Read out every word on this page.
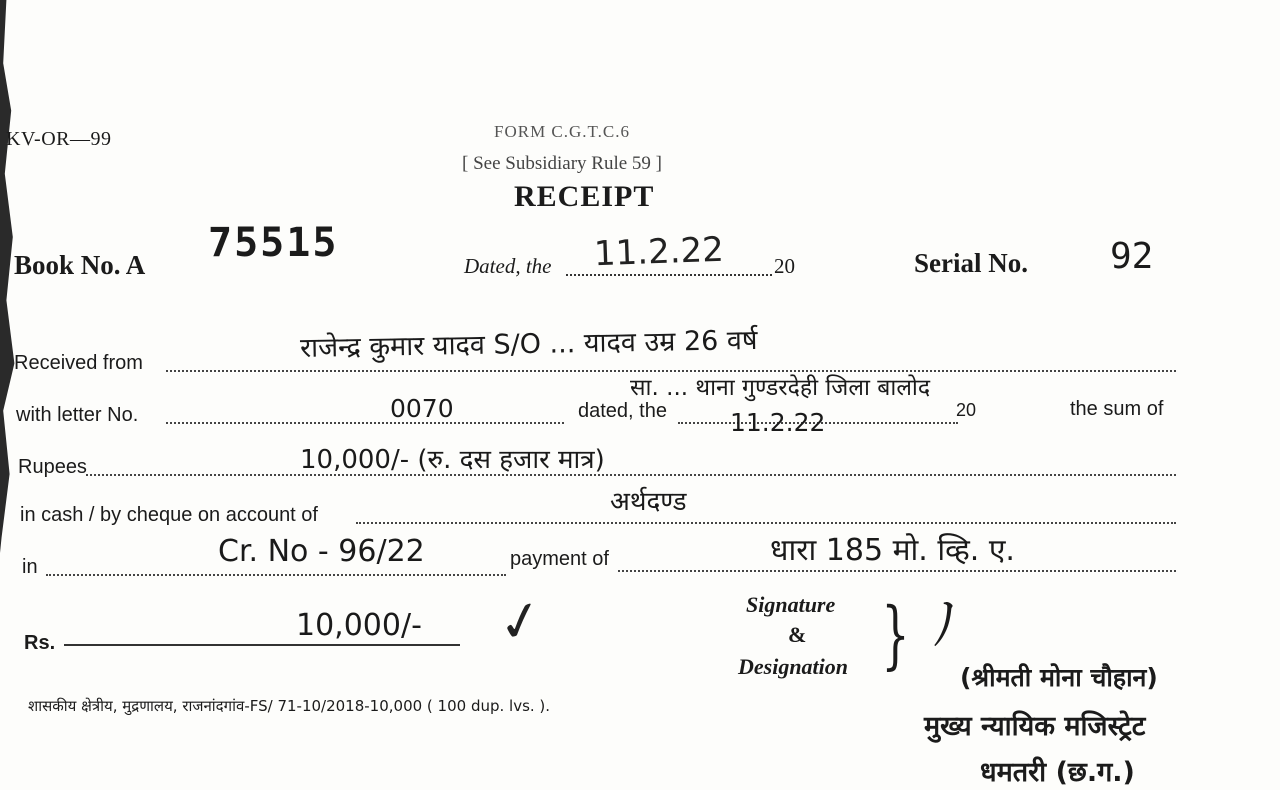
KV-OR—99	FORM C.G.T.C.6
[ See Subsidiary Rule 59 ]
RECEIPT
Book No. A 75515	Dated, the 11.2.22 20	Serial No. 92
Received from	राजेन्द्र कुमार यादव S/O ... यादव उम्र 26 वर्ष
सा. ... थाना गुण्डरदेही जिला बालोद
with letter No.	0070	dated, the	11.2.22	20	the sum of
Rupees	10,000/- (रु. दस हजार मात्र)
in cash / by cheque on account of	अर्थदण्ड
in	Cr. No - 96/22	payment of	धारा 185 मो. व्हि. ए.
Rs.	10,000/- ✓	Signature
&
Designation } ﾉ
(श्रीमती मोना चौहान)
मुख्य न्यायिक मजिस्ट्रेट
धमतरी (छ.ग.)
शासकीय क्षेत्रीय, मुद्रणालय, राजनांदगांव-FS/ 71-10/2018-10,000 ( 100 dup. lvs. ).
